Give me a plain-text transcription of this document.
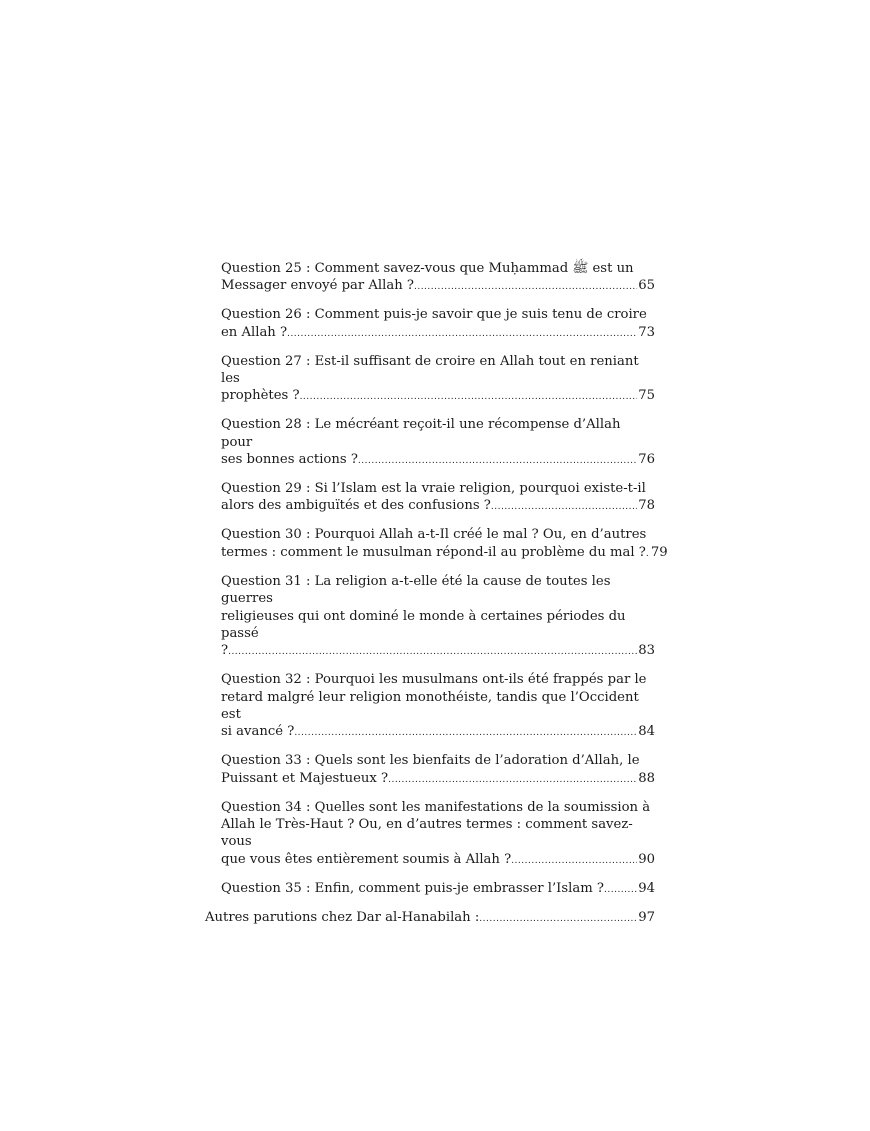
Question 25 : Comment savez-vous que Muḥammad ﷺ est un
Messager envoyé par Allah ? .....	65
Question 26 : Comment puis-je savoir que je suis tenu de croire
en Allah ? .....	73
Question 27 : Est-il suffisant de croire en Allah tout en reniant les
prophètes ? .....	75
Question 28 : Le mécréant reçoit-il une récompense d’Allah pour
ses bonnes actions ? .....	76
Question 29 : Si l’Islam est la vraie religion, pourquoi existe-t-il
alors des ambiguïtés et des confusions ? .....	78
Question 30 : Pourquoi Allah a-t-Il créé le mal ? Ou, en d’autres
termes : comment le musulman répond-il au problème du mal ? ..... 79
Question 31 : La religion a-t-elle été la cause de toutes les guerres
religieuses qui ont dominé le monde à certaines périodes du passé
? .....	83
Question 32 : Pourquoi les musulmans ont-ils été frappés par le
retard malgré leur religion monothéiste, tandis que l’Occident est
si avancé ? .....	84
Question 33 : Quels sont les bienfaits de l’adoration d’Allah, le
Puissant et Majestueux ? .....	88
Question 34 : Quelles sont les manifestations de la soumission à
Allah le Très-Haut ? Ou, en d’autres termes : comment savez-vous
que vous êtes entièrement soumis à Allah ? .....	90
Question 35 : Enfin, comment puis-je embrasser l’Islam ? .....	94
Autres parutions chez Dar al-Hanabilah : .....	97
